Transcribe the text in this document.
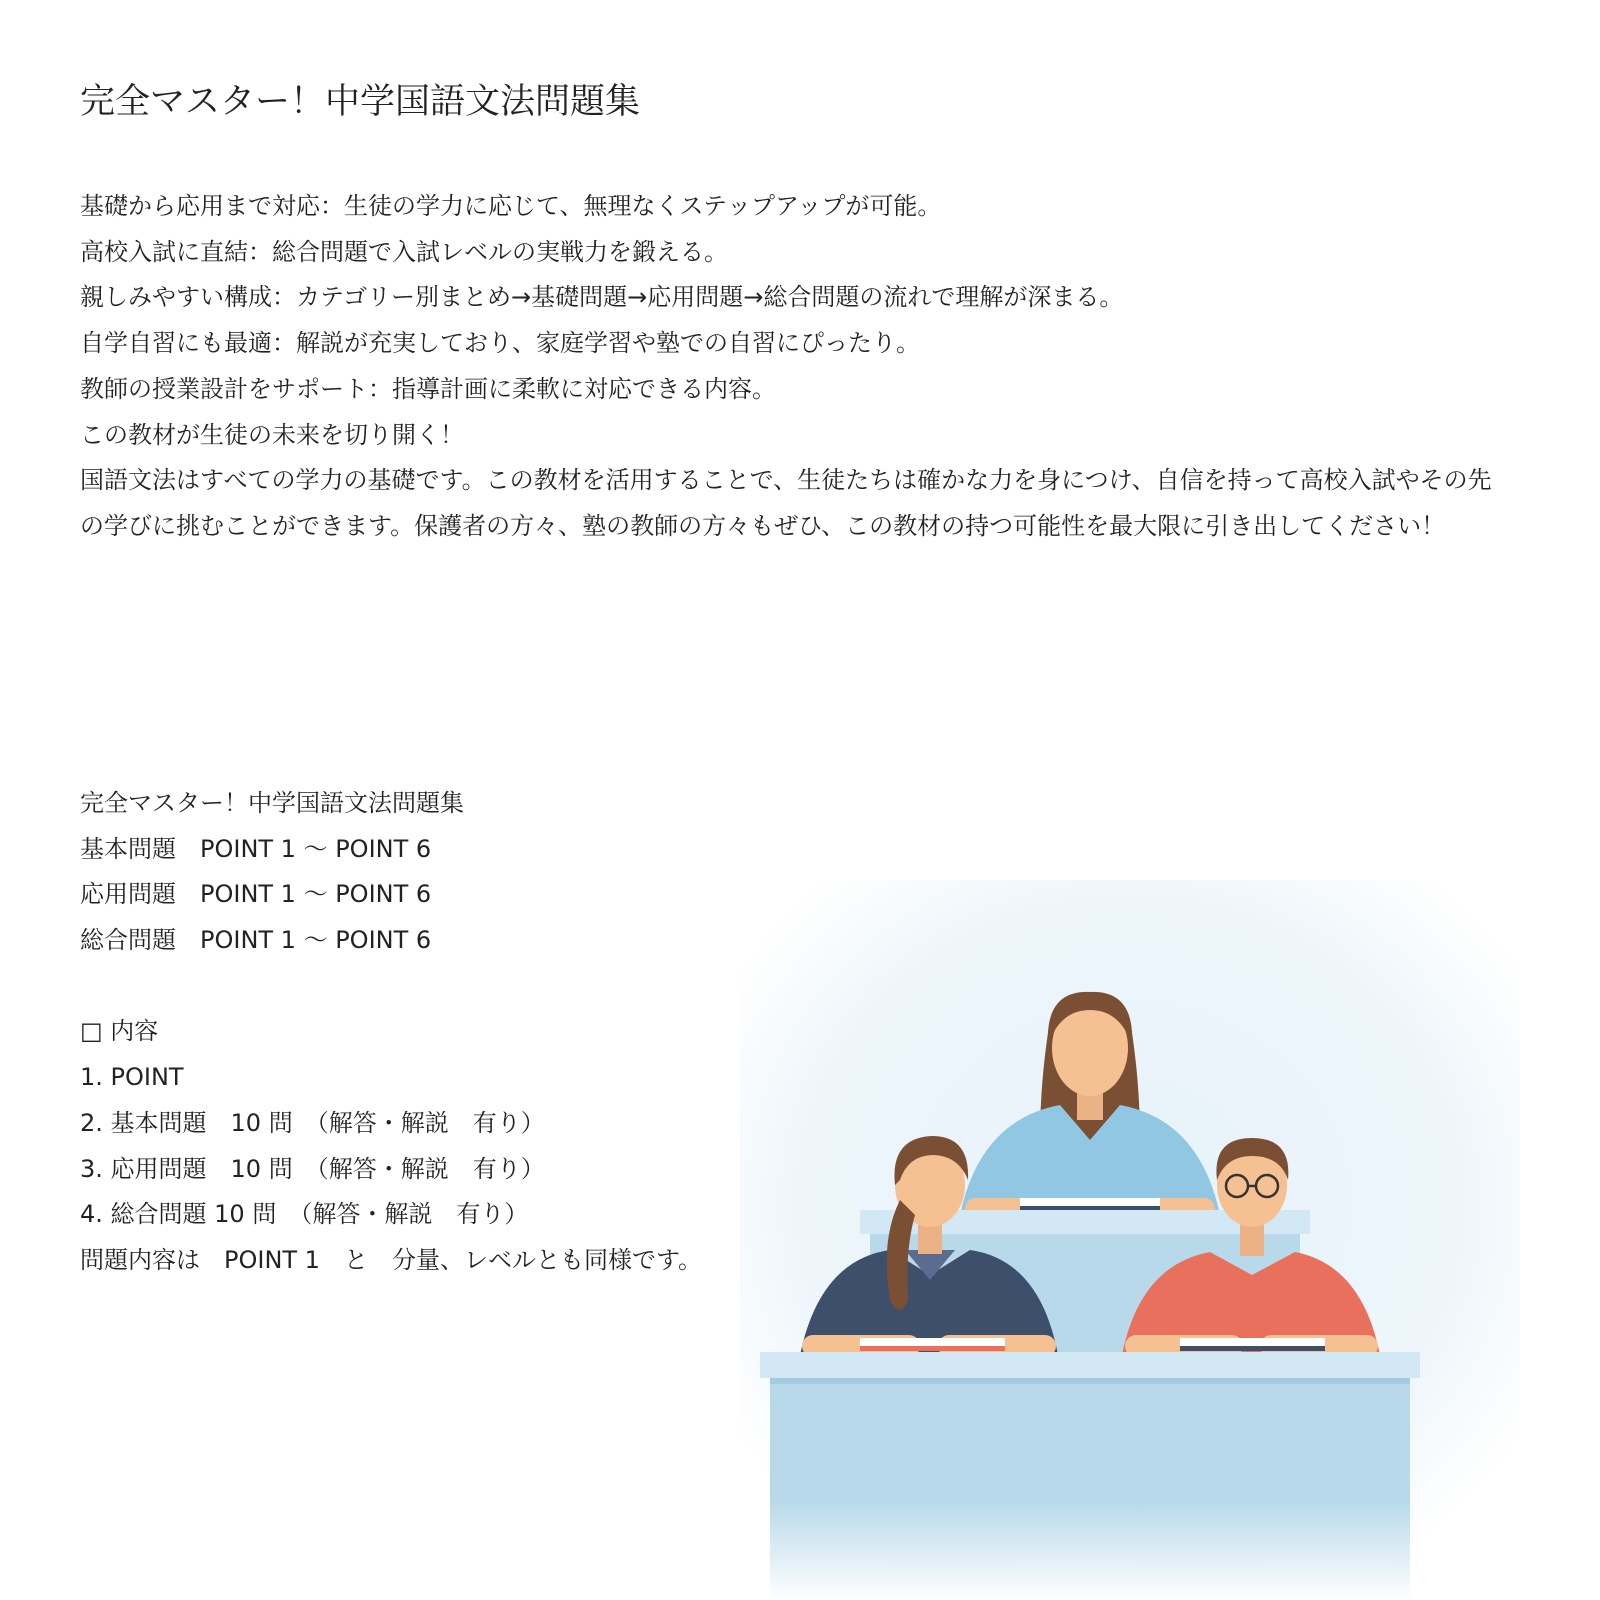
完全マスター！中学国語文法問題集

基礎から応用まで対応：生徒の学力に応じて、無理なくステップアップが可能。

高校入試に直結：総合問題で入試レベルの実戦力を鍛える。

親しみやすい構成：カテゴリー別まとめ→基礎問題→応用問題→総合問題の流れで理解が深まる。

自学自習にも最適：解説が充実しており、家庭学習や塾での自習にぴったり。

教師の授業設計をサポート：指導計画に柔軟に対応できる内容。

この教材が生徒の未来を切り開く！

国語文法はすべての学力の基礎です。この教材を活用することで、生徒たちは確かな力を身につけ、自信を持って高校入試やその先の学びに挑むことができます。保護者の方々、塾の教師の方々もぜひ、この教材の持つ可能性を最大限に引き出してください！

完全マスター！中学国語文法問題集
基本問題　POINT 1 〜 POINT 6
応用問題　POINT 1 〜 POINT 6
総合問題　POINT 1 〜 POINT 6
□ 内容
1. POINT
2. 基本問題　10 問　（解答・解説　有り）
3. 応用問題　10 問　（解答・解説　有り）
4. 総合問題 10 問　（解答・解説　有り）
問題内容は　POINT 1　と　分量、レベルとも同様です。
